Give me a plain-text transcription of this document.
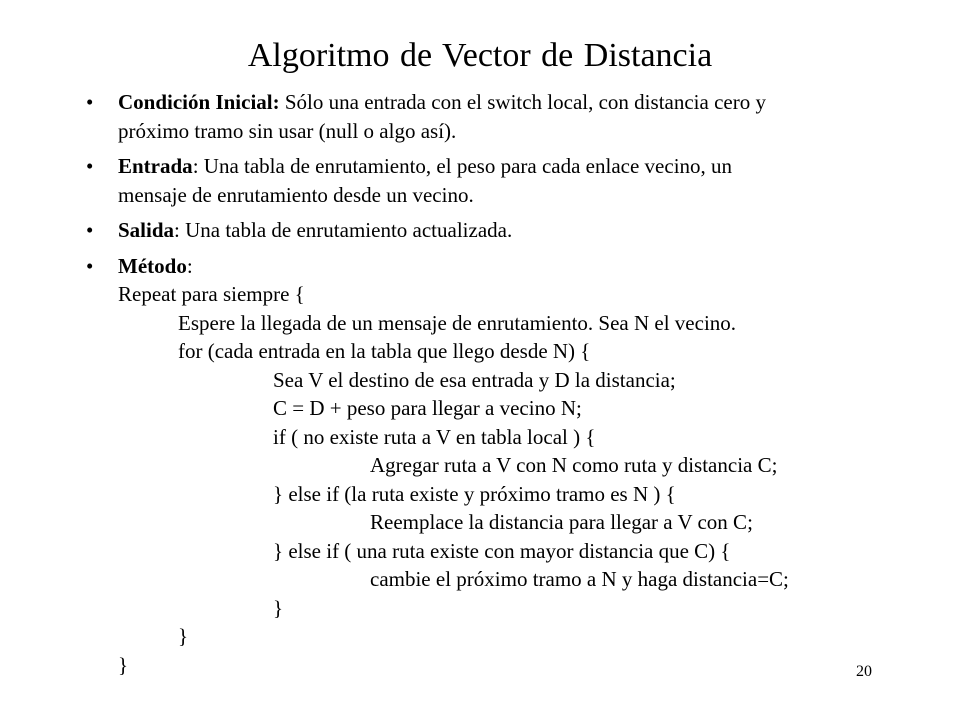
Algoritmo de Vector de Distancia
• Condición Inicial: Sólo una entrada con el switch local, con distancia cero y
próximo tramo sin usar (null o algo así).
• Entrada: Una tabla de enrutamiento, el peso para cada enlace vecino, un
mensaje de enrutamiento desde un vecino.
• Salida: Una tabla de enrutamiento actualizada.
• Método:
Repeat para siempre {
Espere la llegada de un mensaje de enrutamiento. Sea N el vecino.
for (cada entrada en la tabla que llego desde N) {
Sea V el destino de esa entrada y D la distancia;
C = D + peso para llegar a vecino N;
if ( no existe ruta a V en tabla local ) {
Agregar ruta a V con N como ruta y distancia C;
} else if (la ruta existe y próximo tramo es N ) {
Reemplace la distancia para llegar a V con C;
} else if ( una ruta existe con mayor distancia que C) {
cambie el próximo tramo a N y haga distancia=C;
}
}
}	20
